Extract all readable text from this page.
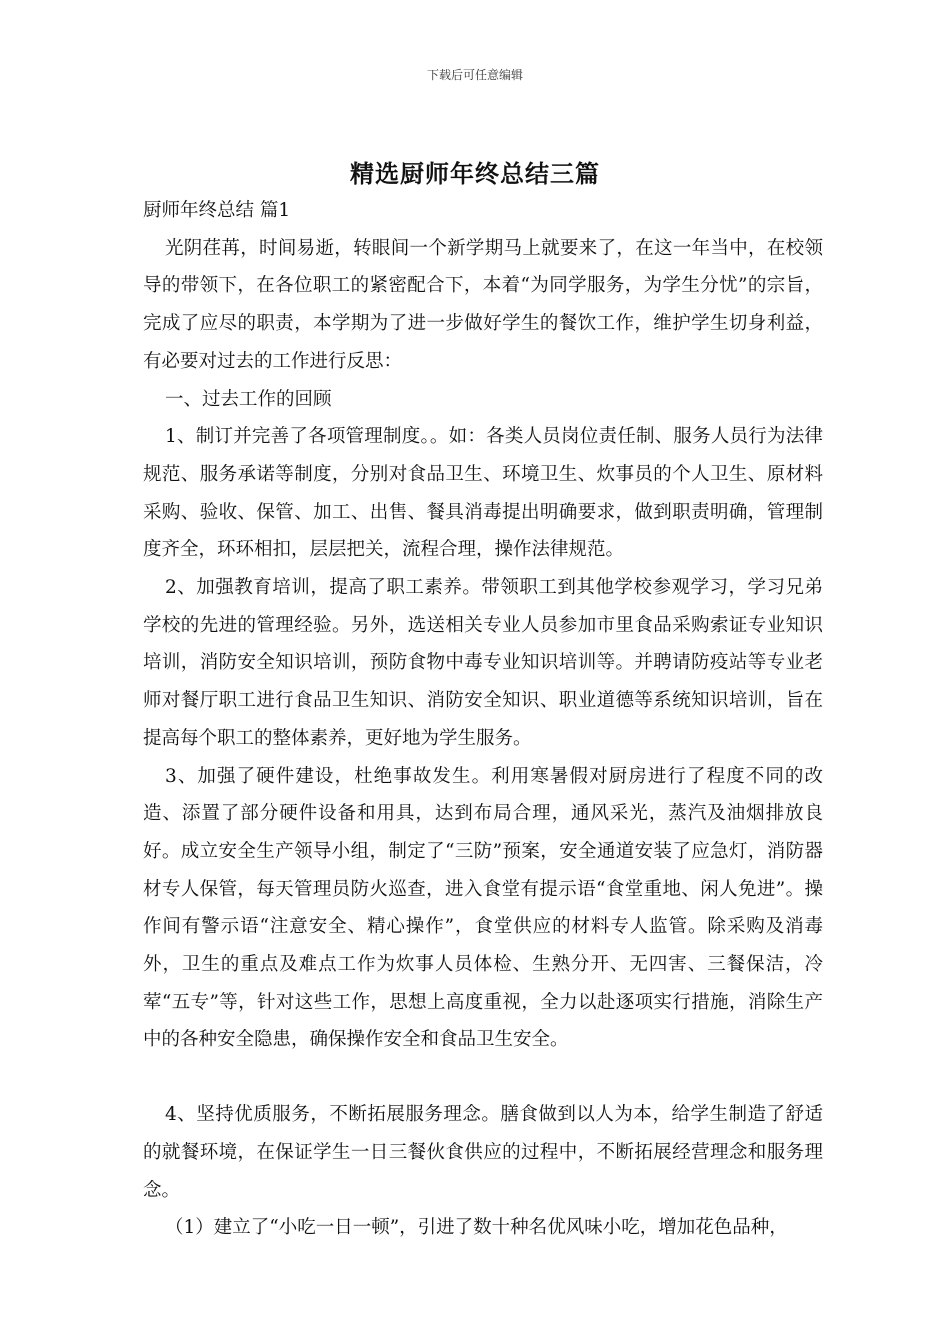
下载后可任意编辑
精选厨师年终总结三篇

厨师年终总结 篇1

光阴荏苒，时间易逝，转眼间一个新学期马上就要来了，在这一年当中，在校领导的带领下，在各位职工的紧密配合下，本着“为同学服务，为学生分忧”的宗旨，完成了应尽的职责，本学期为了进一步做好学生的餐饮工作，维护学生切身利益，有必要对过去的工作进行反思：

一、过去工作的回顾

1、制订并完善了各项管理制度。。如：各类人员岗位责任制、服务人员行为法律规范、服务承诺等制度，分别对食品卫生、环境卫生、炊事员的个人卫生、原材料采购、验收、保管、加工、出售、餐具消毒提出明确要求，做到职责明确，管理制度齐全，环环相扣，层层把关，流程合理，操作法律规范。

2、加强教育培训，提高了职工素养。带领职工到其他学校参观学习，学习兄弟学校的先进的管理经验。另外，选送相关专业人员参加市里食品采购索证专业知识培训，消防安全知识培训，预防食物中毒专业知识培训等。并聘请防疫站等专业老师对餐厅职工进行食品卫生知识、消防安全知识、职业道德等系统知识培训，旨在提高每个职工的整体素养，更好地为学生服务。

3、加强了硬件建设，杜绝事故发生。利用寒暑假对厨房进行了程度不同的改造、添置了部分硬件设备和用具，达到布局合理，通风采光，蒸汽及油烟排放良好。成立安全生产领导小组，制定了“三防”预案，安全通道安装了应急灯，消防器材专人保管，每天管理员防火巡查，进入食堂有提示语“食堂重地、闲人免进”。操作间有警示语“注意安全、精心操作”，食堂供应的材料专人监管。除采购及消毒外，卫生的重点及难点工作为炊事人员体检、生熟分开、无四害、三餐保洁，冷荤“五专”等，针对这些工作，思想上高度重视，全力以赴逐项实行措施，消除生产中的各种安全隐患，确保操作安全和食品卫生安全。

4、坚持优质服务，不断拓展服务理念。膳食做到以人为本，给学生制造了舒适的就餐环境，在保证学生一日三餐伙食供应的过程中，不断拓展经营理念和服务理念。

（1）建立了“小吃一日一顿”，引进了数十种名优风味小吃，增加花色品种，
